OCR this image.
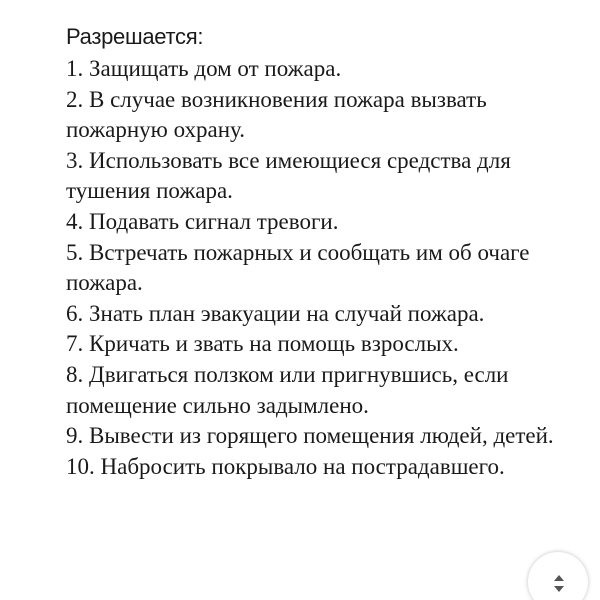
Разрешается:
1. Защищать дом от пожара.
2. В случае возникновения пожара вызвать пожарную охрану.
3. Использовать все имеющиеся средства для тушения пожара.
4. Подавать сигнал тревоги.
5. Встречать пожарных и сообщать им об очаге пожара.
6. Знать план эвакуации на случай пожара.
7. Кричать и звать на помощь взрослых.
8. Двигаться ползком или пригнувшись, если помещение сильно задымлено.
9. Вывести из горящего помещения людей, детей.
10. Набросить покрывало на пострадавшего.
